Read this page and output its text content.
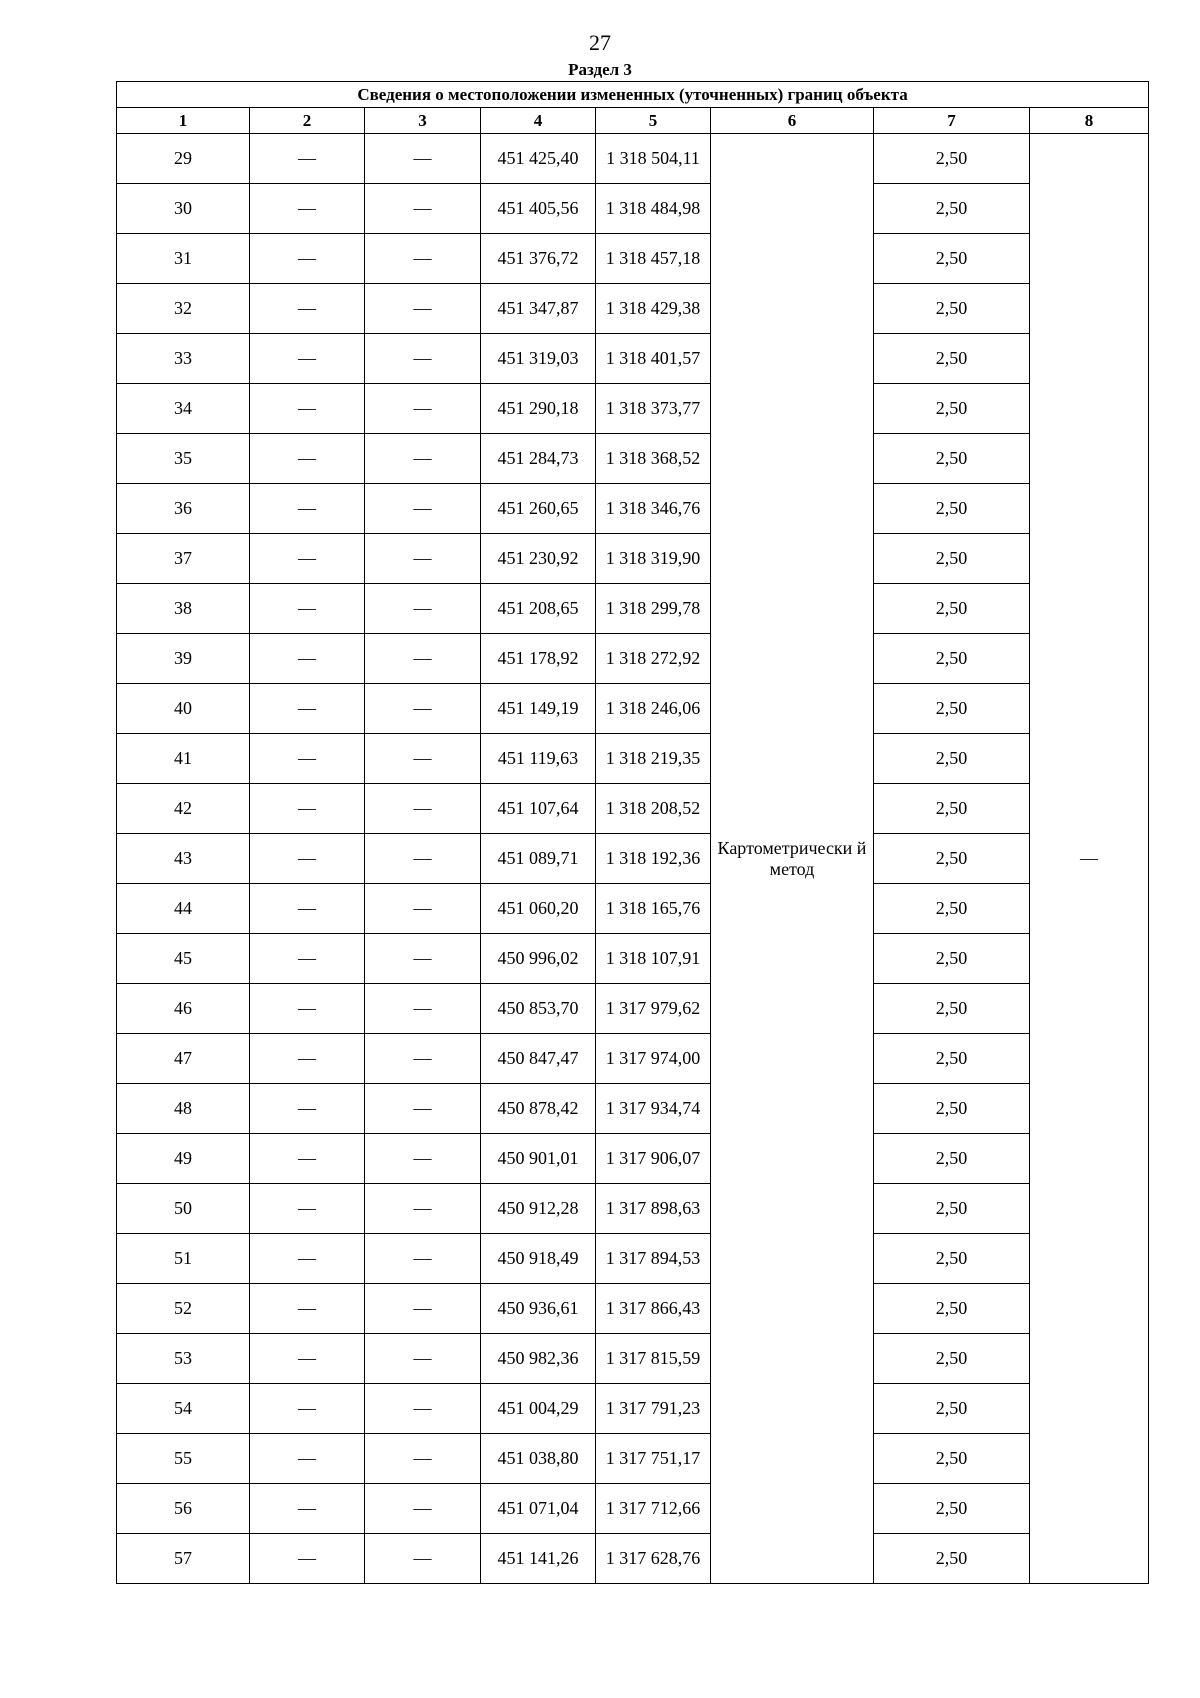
27
Раздел 3
Сведения о местоположении измененных (уточненных) границ объекта							
1	2	3	4	5	6	7	8
29	—	—	451 425,40	1 318 504,11	Картометрически й метод	2,50	—
30	—	—	451 405,56	1 318 484,98		2,50	
31	—	—	451 376,72	1 318 457,18		2,50	
32	—	—	451 347,87	1 318 429,38		2,50	
33	—	—	451 319,03	1 318 401,57		2,50	
34	—	—	451 290,18	1 318 373,77		2,50	
35	—	—	451 284,73	1 318 368,52		2,50	
36	—	—	451 260,65	1 318 346,76		2,50	
37	—	—	451 230,92	1 318 319,90		2,50	
38	—	—	451 208,65	1 318 299,78		2,50	
39	—	—	451 178,92	1 318 272,92		2,50	
40	—	—	451 149,19	1 318 246,06		2,50	
41	—	—	451 119,63	1 318 219,35		2,50	
42	—	—	451 107,64	1 318 208,52		2,50	
43	—	—	451 089,71	1 318 192,36		2,50	
44	—	—	451 060,20	1 318 165,76		2,50	
45	—	—	450 996,02	1 318 107,91		2,50	
46	—	—	450 853,70	1 317 979,62		2,50	
47	—	—	450 847,47	1 317 974,00		2,50	
48	—	—	450 878,42	1 317 934,74		2,50	
49	—	—	450 901,01	1 317 906,07		2,50	
50	—	—	450 912,28	1 317 898,63		2,50	
51	—	—	450 918,49	1 317 894,53		2,50	
52	—	—	450 936,61	1 317 866,43		2,50	
53	—	—	450 982,36	1 317 815,59		2,50	
54	—	—	451 004,29	1 317 791,23		2,50	
55	—	—	451 038,80	1 317 751,17		2,50	
56	—	—	451 071,04	1 317 712,66		2,50	
57	—	—	451 141,26	1 317 628,76		2,50	
